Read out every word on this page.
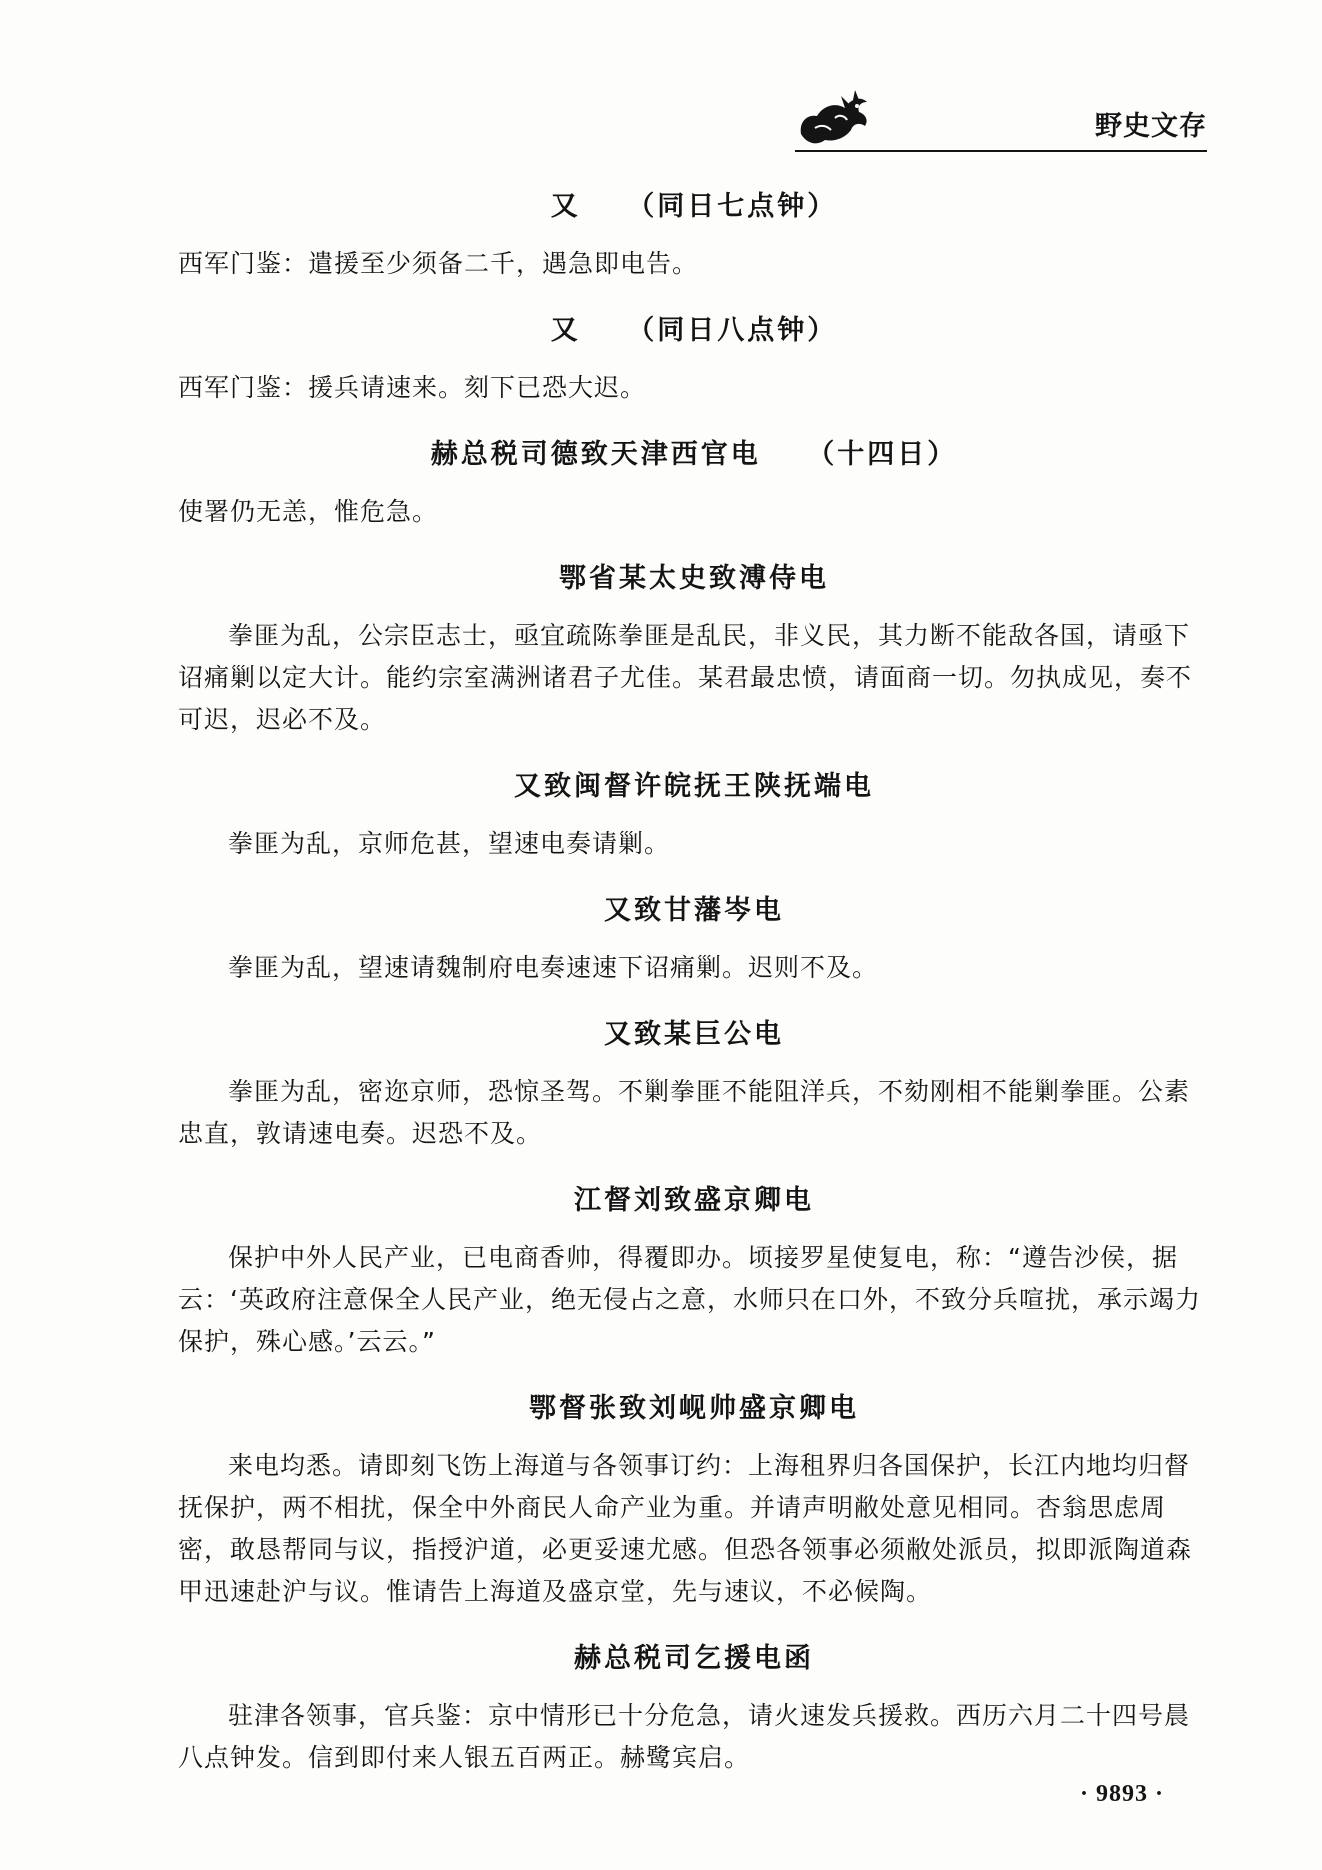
野史文存
又　　（同日七点钟）

西军门鉴：遣援至少须备二千，遇急即电告。

又　　（同日八点钟）

西军门鉴：援兵请速来。刻下已恐大迟。

赫总税司德致天津西官电　　（十四日）

使署仍无恙，惟危急。

鄂省某太史致溥侍电

拳匪为乱，公宗臣志士，亟宜疏陈拳匪是乱民，非义民，其力断不能敌各国，请亟下诏痛剿以定大计。能约宗室满洲诸君子尤佳。某君最忠愤，请面商一切。勿执成见，奏不可迟，迟必不及。

又致闽督许皖抚王陕抚端电

拳匪为乱，京师危甚，望速电奏请剿。

又致甘藩岑电

拳匪为乱，望速请魏制府电奏速速下诏痛剿。迟则不及。

又致某巨公电

拳匪为乱，密迩京师，恐惊圣驾。不剿拳匪不能阻洋兵，不劾刚相不能剿拳匪。公素忠直，敦请速电奏。迟恐不及。

江督刘致盛京卿电

保护中外人民产业，已电商香帅，得覆即办。顷接罗星使复电，称：“遵告沙侯，据云：‘英政府注意保全人民产业，绝无侵占之意，水师只在口外，不致分兵喧扰，承示竭力保护，殊心感。’云云。”

鄂督张致刘岘帅盛京卿电

来电均悉。请即刻飞饬上海道与各领事订约：上海租界归各国保护，长江内地均归督抚保护，两不相扰，保全中外商民人命产业为重。并请声明敝处意见相同。杏翁思虑周密，敢恳帮同与议，指授沪道，必更妥速尤感。但恐各领事必须敝处派员，拟即派陶道森甲迅速赴沪与议。惟请告上海道及盛京堂，先与速议，不必候陶。

赫总税司乞援电函

驻津各领事，官兵鉴：京中情形已十分危急，请火速发兵援救。西历六月二十四号晨八点钟发。信到即付来人银五百两正。赫鹭宾启。

· 9893 ·
